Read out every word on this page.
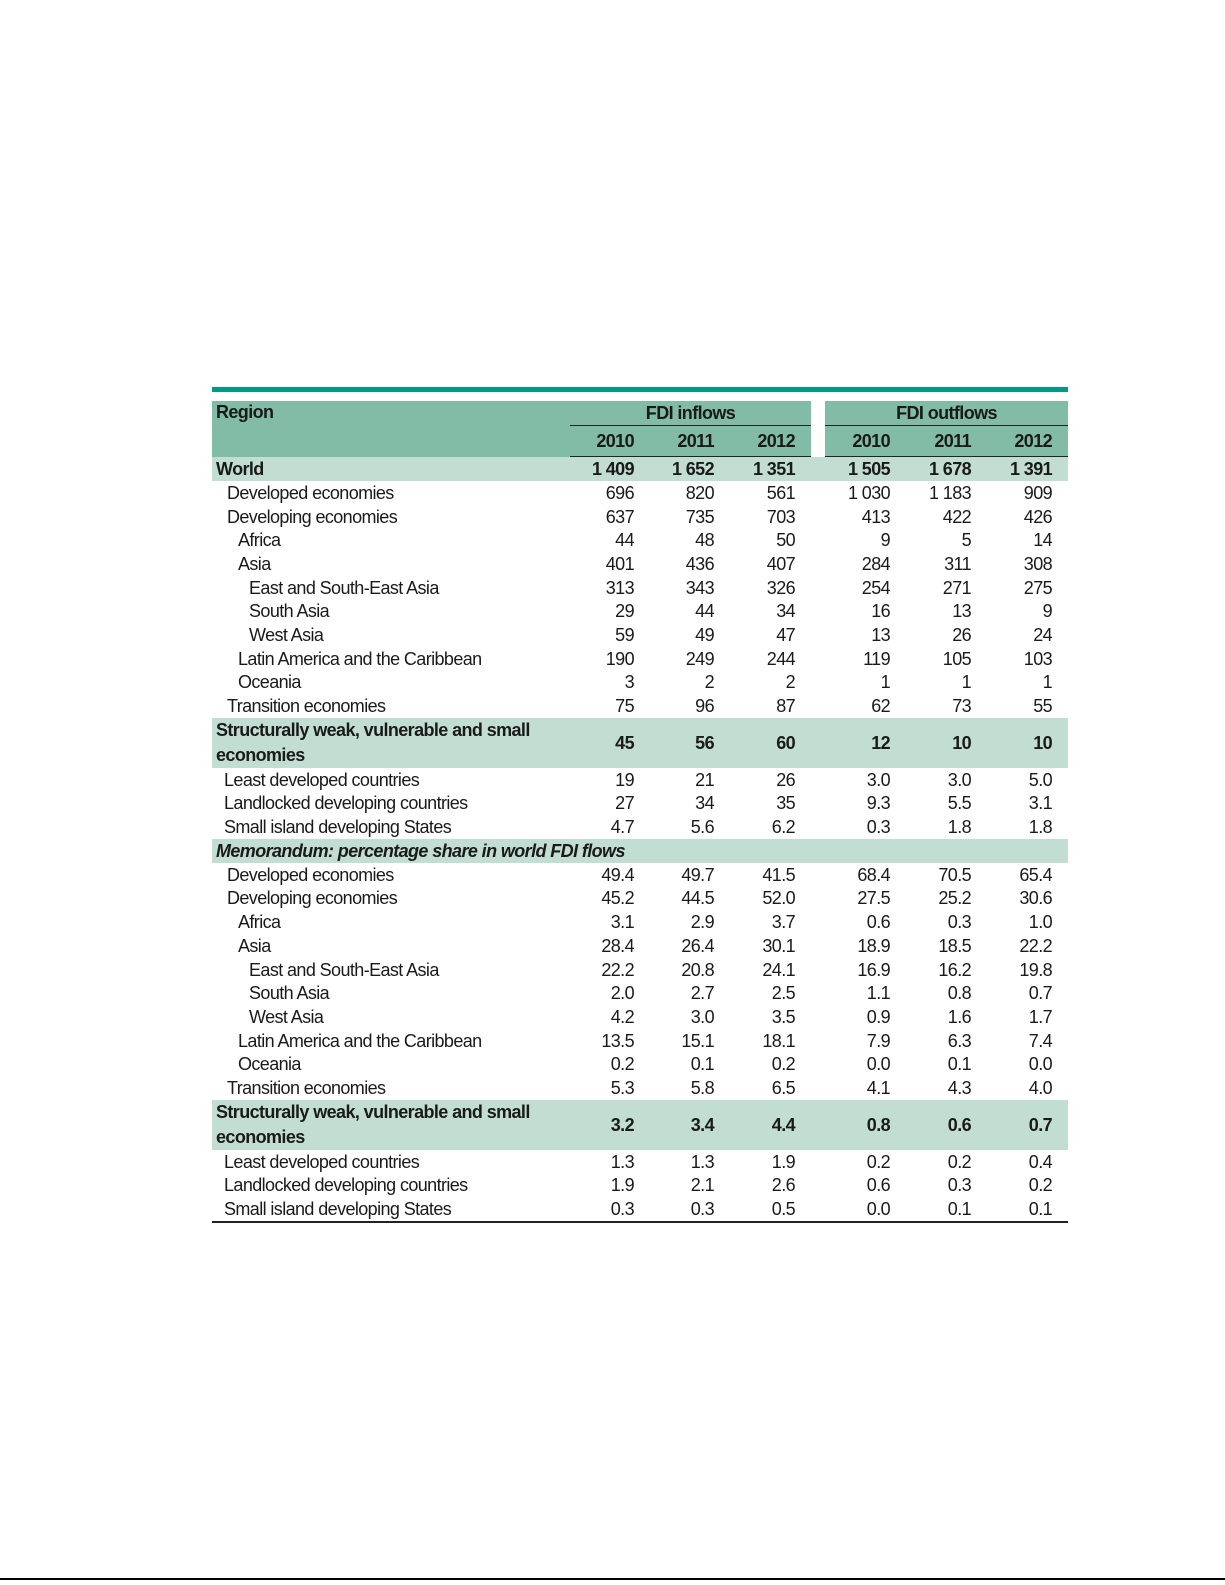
Region	FDI inflows				FDI outflows		
	2010	2011	2012		2010	2011	2012
World	1 409	1 652	1 351		1 505	1 678	1 391
Developed economies	696	820	561		1 030	1 183	909
Developing economies	637	735	703		413	422	426
Africa	44	48	50		9	5	14
Asia	401	436	407		284	311	308
East and South-East Asia	313	343	326		254	271	275
South Asia	29	44	34		16	13	9
West Asia	59	49	47		13	26	24
Latin America and the Caribbean	190	249	244		119	105	103
Oceania	3	2	2		1	1	1
Transition economies	75	96	87		62	73	55
Structurally weak, vulnerable and small economies	45	56	60		12	10	10
Least developed countries	19	21	26		3.0	3.0	5.0
Landlocked developing countries	27	34	35		9.3	5.5	3.1
Small island developing States	4.7	5.6	6.2		0.3	1.8	1.8
Memorandum: percentage share in world FDI flows							
Developed economies	49.4	49.7	41.5		68.4	70.5	65.4
Developing economies	45.2	44.5	52.0		27.5	25.2	30.6
Africa	3.1	2.9	3.7		0.6	0.3	1.0
Asia	28.4	26.4	30.1		18.9	18.5	22.2
East and South-East Asia	22.2	20.8	24.1		16.9	16.2	19.8
South Asia	2.0	2.7	2.5		1.1	0.8	0.7
West Asia	4.2	3.0	3.5		0.9	1.6	1.7
Latin America and the Caribbean	13.5	15.1	18.1		7.9	6.3	7.4
Oceania	0.2	0.1	0.2		0.0	0.1	0.0
Transition economies	5.3	5.8	6.5		4.1	4.3	4.0
Structurally weak, vulnerable and small economies	3.2	3.4	4.4		0.8	0.6	0.7
Least developed countries	1.3	1.3	1.9		0.2	0.2	0.4
Landlocked developing countries	1.9	2.1	2.6		0.6	0.3	0.2
Small island developing States	0.3	0.3	0.5		0.0	0.1	0.1
